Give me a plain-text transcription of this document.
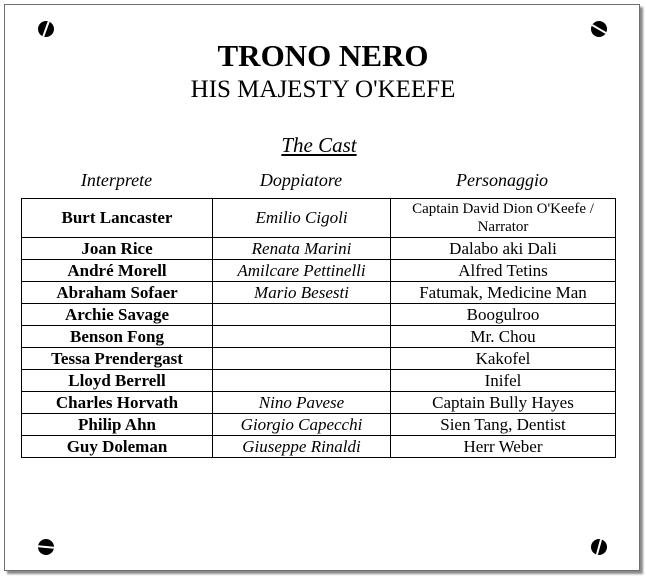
TRONO NERO
HIS MAJESTY O'KEEFE
The Cast
Interprete	Doppiatore	Personaggio
Burt Lancaster	Emilio Cigoli	Captain David Dion O'Keefe / Narrator
Joan Rice	Renata Marini	Dalabo aki Dali
André Morell	Amilcare Pettinelli	Alfred Tetins
Abraham Sofaer	Mario Besesti	Fatumak, Medicine Man
Archie Savage		Boogulroo
Benson Fong		Mr. Chou
Tessa Prendergast		Kakofel
Lloyd Berrell		Inifel
Charles Horvath	Nino Pavese	Captain Bully Hayes
Philip Ahn	Giorgio Capecchi	Sien Tang, Dentist
Guy Doleman	Giuseppe Rinaldi	Herr Weber
